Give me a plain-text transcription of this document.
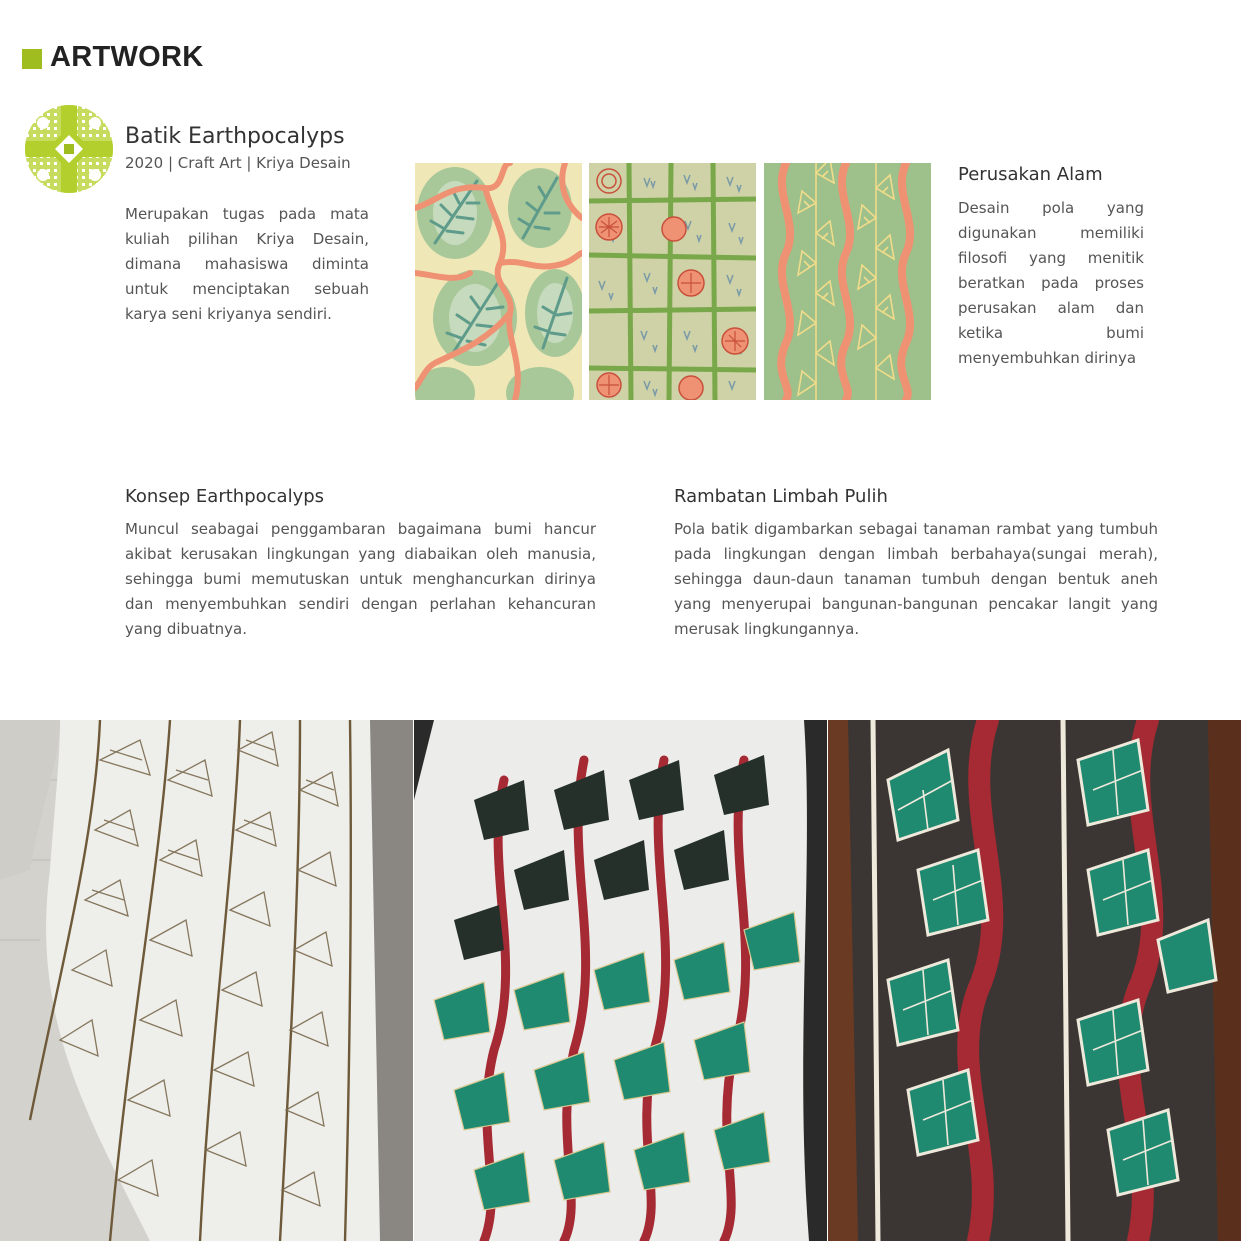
ARTWORK
Batik Earthpocalyps
2020 | Craft Art | Kriya Desain

Merupakan tugas pada mata kuliah pilihan Kriya Desain, dimana mahasiswa diminta untuk menciptakan sebuah karya seni kriyanya sendiri.

Perusakan Alam

Desain pola yang digunakan memiliki filosofi yang menitik beratkan pada proses perusakan alam dan ketika bumi menyembuhkan dirinya

Konsep Earthpocalyps

Muncul seabagai penggambaran bagaimana bumi hancur akibat kerusakan lingkungan yang diabaikan oleh manusia, sehingga bumi memutuskan untuk menghancurkan dirinya dan menyembuhkan sendiri dengan perlahan kehancuran yang dibuatnya.

Rambatan Limbah Pulih

Pola batik digambarkan sebagai tanaman rambat yang tumbuh pada lingkungan dengan limbah berbahaya(sungai merah), sehingga daun-daun tanaman tumbuh dengan bentuk aneh yang menyerupai bangunan-bangunan pencakar langit yang merusak lingkungannya.
